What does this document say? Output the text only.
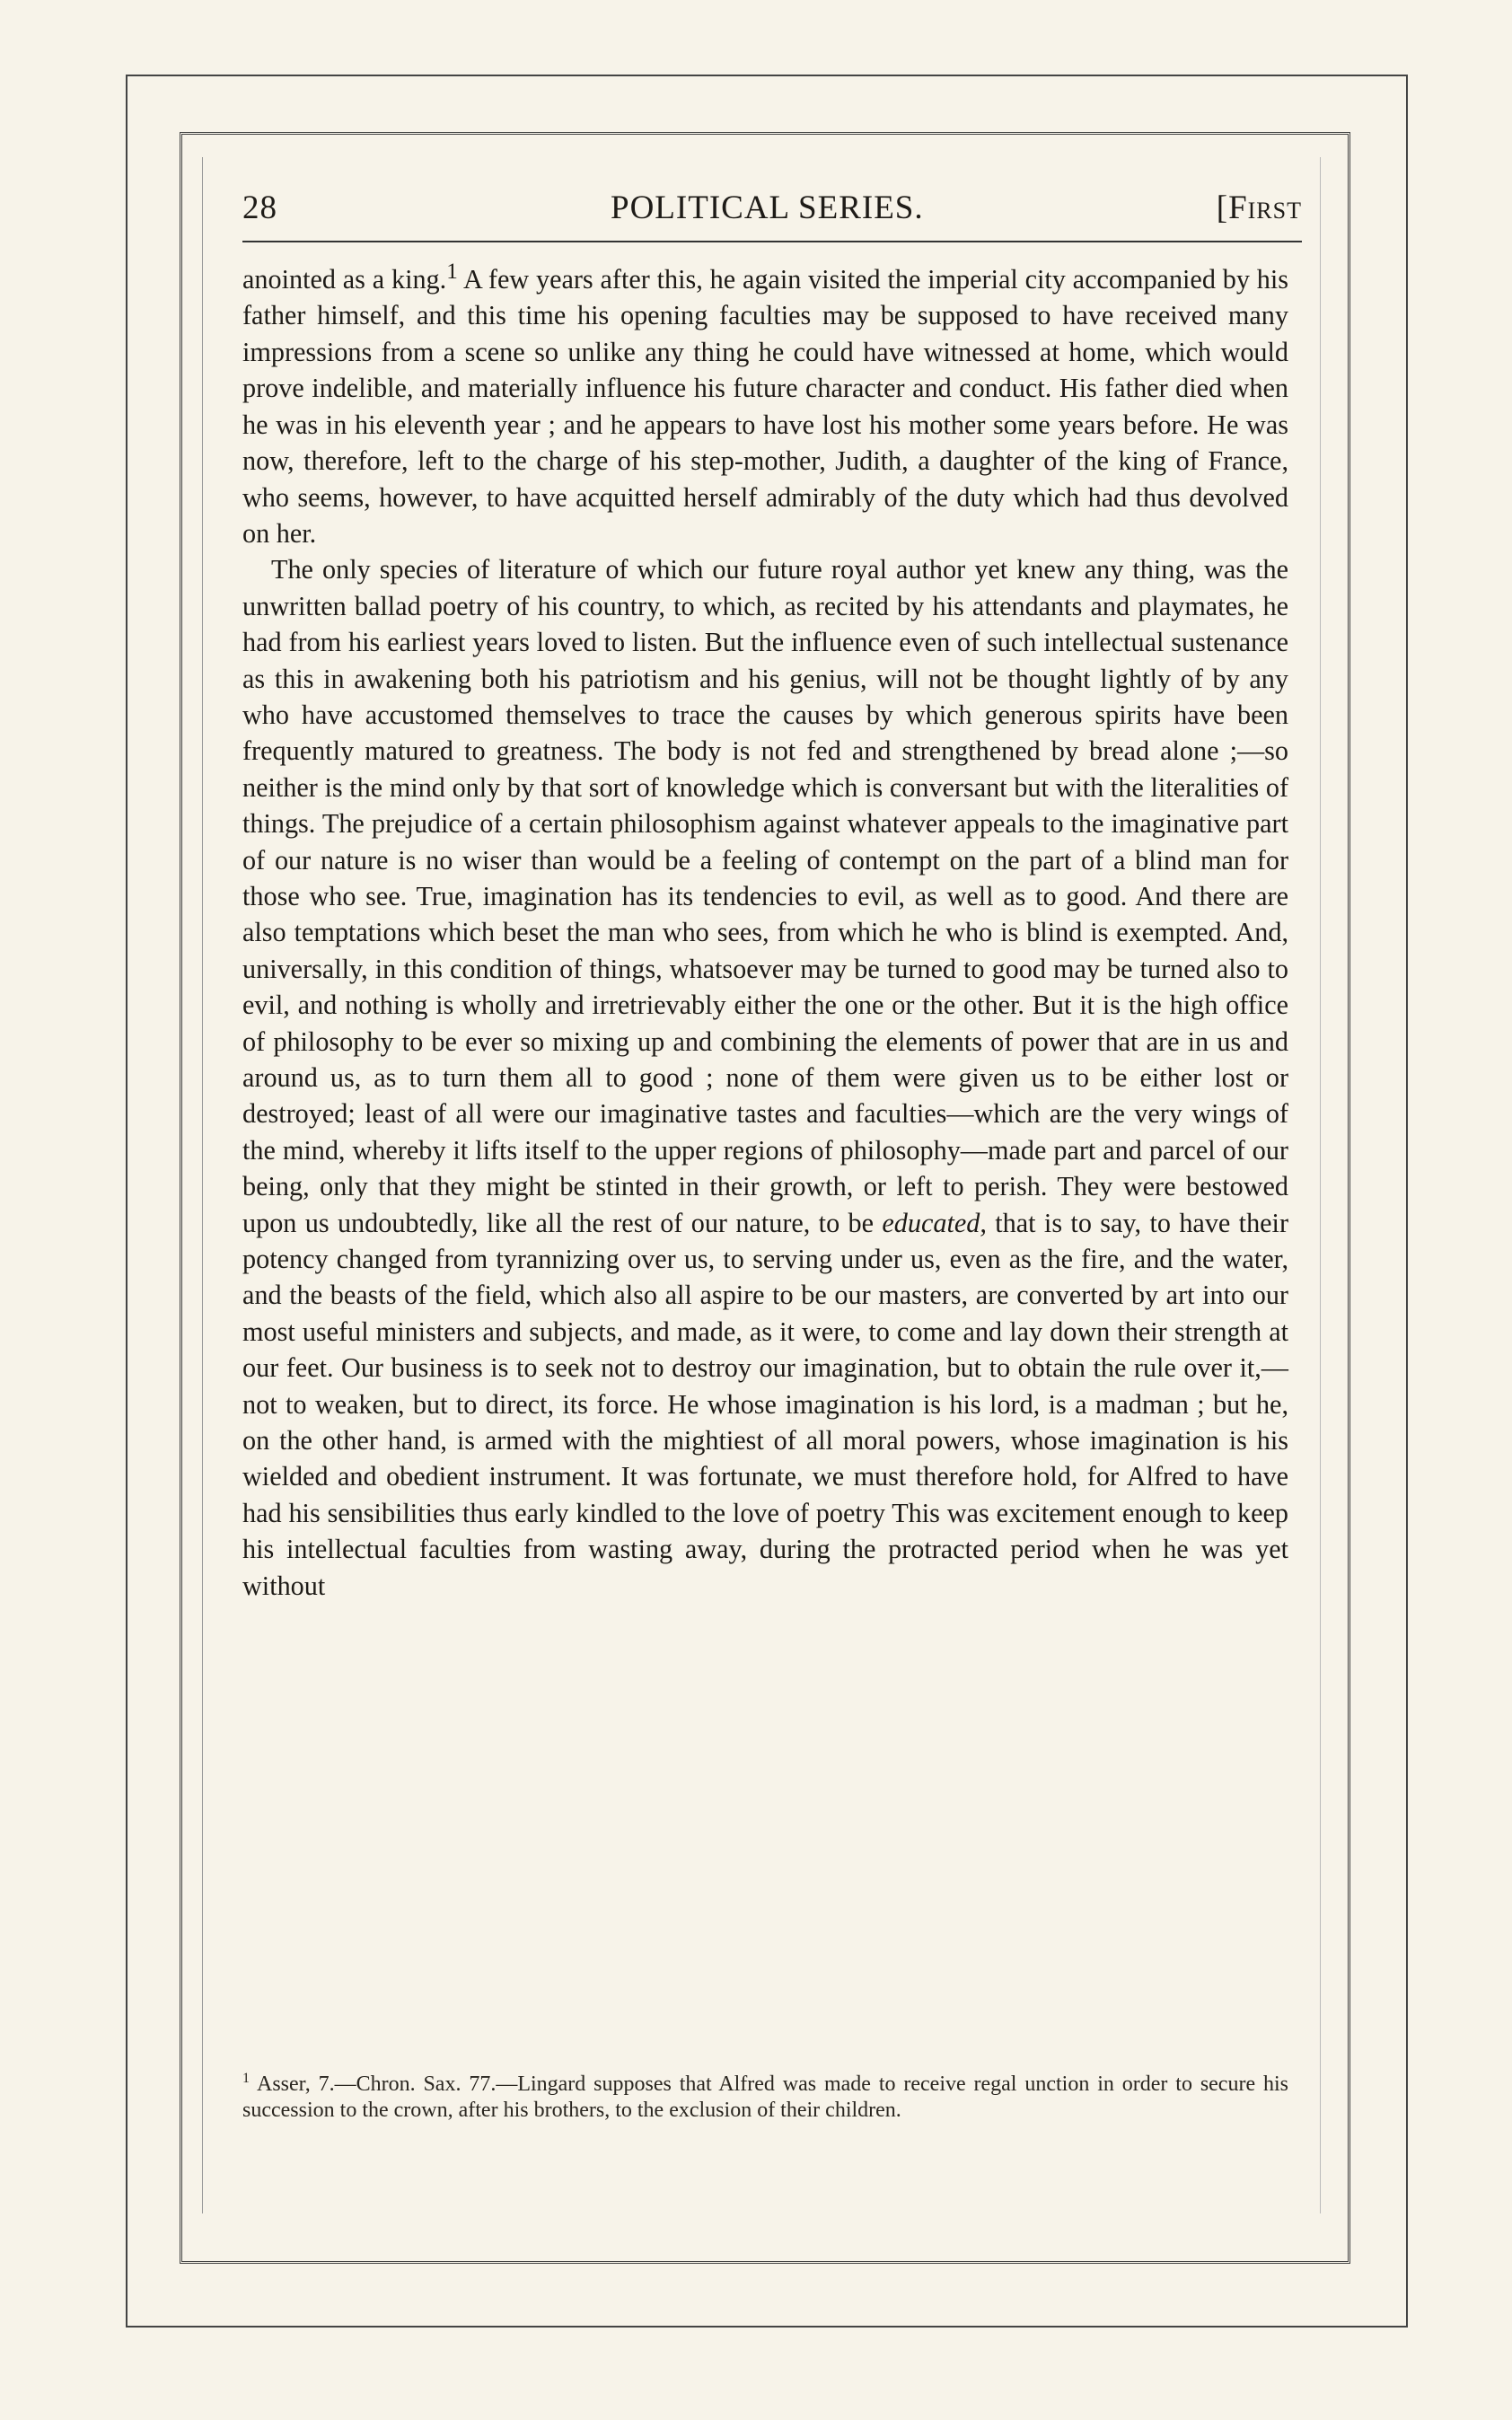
28	POLITICAL SERIES.	[First

anointed as a king.$^1$ A few years after this, he again visited the imperial city accompanied by his father himself, and this time his opening faculties may be supposed to have received many impressions from a scene so unlike any thing he could have witnessed at home, which would prove indelible, and materially influence his future character and conduct. His father died when he was in his eleventh year ; and he appears to have lost his mother some years before. He was now, therefore, left to the charge of his step-mother, Judith, a daughter of the king of France, who seems, however, to have acquitted herself admirably of the duty which had thus devolved on her.

The only species of literature of which our future royal author yet knew any thing, was the unwritten ballad poetry of his country, to which, as recited by his attendants and playmates, he had from his earliest years loved to listen. But the influence even of such intellectual sustenance as this in awakening both his patriotism and his genius, will not be thought lightly of by any who have accustomed themselves to trace the causes by which generous spirits have been frequently matured to greatness. The body is not fed and strengthened by bread alone ;—so neither is the mind only by that sort of knowledge which is conversant but with the literalities of things. The prejudice of a certain philosophism against whatever appeals to the imaginative part of our nature is no wiser than would be a feeling of contempt on the part of a blind man for those who see. True, imagination has its tendencies to evil, as well as to good. And there are also temptations which beset the man who sees, from which he who is blind is exempted. And, universally, in this condition of things, whatsoever may be turned to good may be turned also to evil, and nothing is wholly and irretrievably either the one or the other. But it is the high office of philosophy to be ever so mixing up and combining the elements of power that are in us and around us, as to turn them all to good ; none of them were given us to be either lost or destroyed; least of all were our imaginative tastes and faculties—which are the very wings of the mind, whereby it lifts itself to the upper regions of philosophy—made part and parcel of our being, only that they might be stinted in their growth, or left to perish. They were bestowed upon us undoubtedly, like all the rest of our nature, to be educated, that is to say, to have their potency changed from tyrannizing over us, to serving under us, even as the fire, and the water, and the beasts of the field, which also all aspire to be our masters, are converted by art into our most useful ministers and subjects, and made, as it were, to come and lay down their strength at our feet. Our business is to seek not to destroy our imagination, but to obtain the rule over it,—not to weaken, but to direct, its force. He whose imagination is his lord, is a madman ; but he, on the other hand, is armed with the mightiest of all moral powers, whose imagination is his wielded and obedient instrument. It was fortunate, we must therefore hold, for Alfred to have had his sensibilities thus early kindled to the love of poetry This was excitement enough to keep his intellectual faculties from wasting away, during the protracted period when he was yet without

$^1$ Asser, 7.—Chron. Sax. 77.—Lingard supposes that Alfred was made to receive regal unction in order to secure his succession to the crown, after his brothers, to the exclusion of their children.
